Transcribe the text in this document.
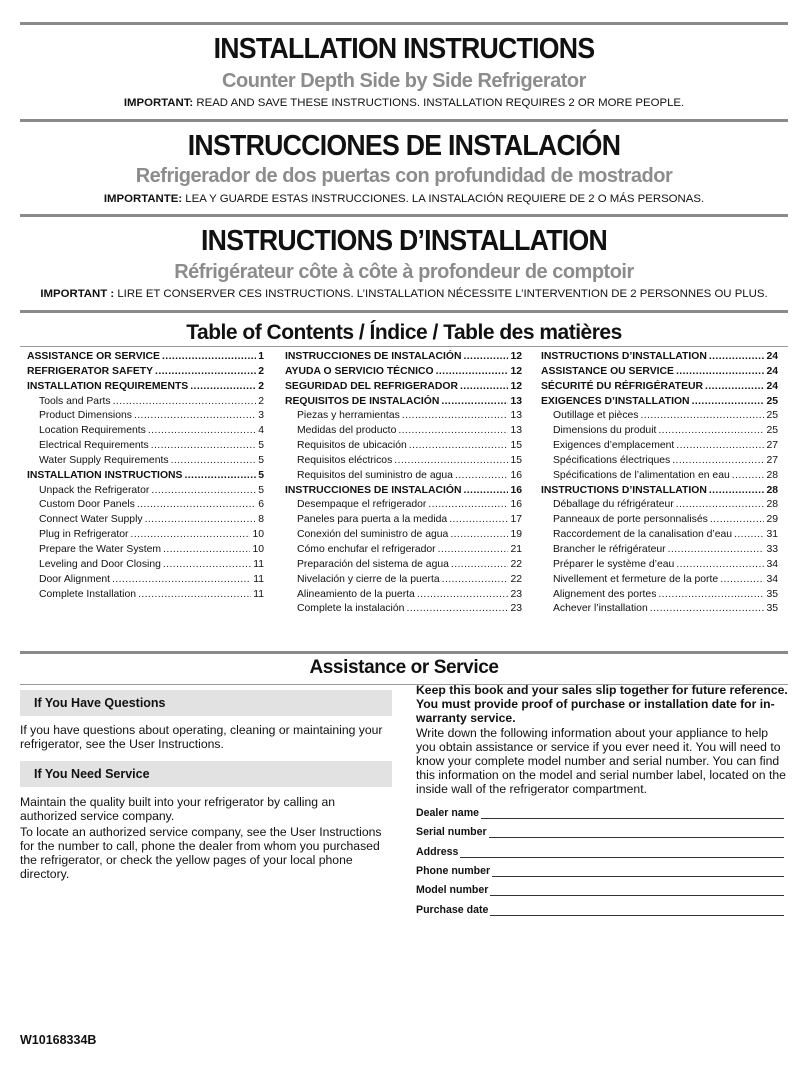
INSTALLATION INSTRUCTIONS
Counter Depth Side by Side Refrigerator
IMPORTANT: READ AND SAVE THESE INSTRUCTIONS. INSTALLATION REQUIRES 2 OR MORE PEOPLE.
INSTRUCCIONES DE INSTALACIÓN
Refrigerador de dos puertas con profundidad de mostrador
IMPORTANTE: LEA Y GUARDE ESTAS INSTRUCCIONES. LA INSTALACIÓN REQUIERE DE 2 O MÁS PERSONAS.
INSTRUCTIONS D’INSTALLATION
Réfrigérateur côte à côte à profondeur de comptoir
IMPORTANT : LIRE ET CONSERVER CES INSTRUCTIONS. L’INSTALLATION NÉCESSITE L’INTERVENTION DE 2 PERSONNES OU PLUS.
Table of Contents / Índice / Table des matières
ASSISTANCE OR SERVICE .....	1
REFRIGERATOR SAFETY .....	2
INSTALLATION REQUIREMENTS .....	2
Tools and Parts .....	2
Product Dimensions .....	3
Location Requirements .....	4
Electrical Requirements .....	5
Water Supply Requirements .....	5
INSTALLATION INSTRUCTIONS .....	5
Unpack the Refrigerator .....	5
Custom Door Panels .....	6
Connect Water Supply .....	8
Plug in Refrigerator .....	10
Prepare the Water System .....	10
Leveling and Door Closing .....	11
Door Alignment .....	11
Complete Installation .....	11
INSTRUCCIONES DE INSTALACIÓN .....	12
AYUDA O SERVICIO TÉCNICO .....	12
SEGURIDAD DEL REFRIGERADOR .....	12
REQUISITOS DE INSTALACIÓN .....	13
Piezas y herramientas .....	13
Medidas del producto .....	13
Requisitos de ubicación .....	15
Requisitos eléctricos .....	15
Requisitos del suministro de agua .....	16
INSTRUCCIONES DE INSTALACIÓN .....	16
Desempaque el refrigerador .....	16
Paneles para puerta a la medida .....	17
Conexión del suministro de agua .....	19
Cómo enchufar el refrigerador .....	21
Preparación del sistema de agua .....	22
Nivelación y cierre de la puerta .....	22
Alineamiento de la puerta .....	23
Complete la instalación .....	23
INSTRUCTIONS D’INSTALLATION .....	24
ASSISTANCE OU SERVICE .....	24
SÉCURITÉ DU RÉFRIGÉRATEUR .....	24
EXIGENCES D’INSTALLATION .....	25
Outillage et pièces .....	25
Dimensions du produit .....	25
Exigences d’emplacement .....	27
Spécifications électriques .....	27
Spécifications de l’alimentation en eau .....	28
INSTRUCTIONS D’INSTALLATION .....	28
Déballage du réfrigérateur .....	28
Panneaux de porte personnalisés .....	29
Raccordement de la canalisation d’eau .....	31
Brancher le réfrigérateur .....	33
Préparer le système d’eau .....	34
Nivellement et fermeture de la porte .....	34
Alignement des portes .....	35
Achever l’installation .....	35
Assistance or Service
If You Have Questions
If you have questions about operating, cleaning or maintaining your refrigerator, see the User Instructions.
If You Need Service
Maintain the quality built into your refrigerator by calling an authorized service company.
To locate an authorized service company, see the User Instructions for the number to call, phone the dealer from whom you purchased the refrigerator, or check the yellow pages of your local phone directory.
Keep this book and your sales slip together for future reference. You must provide proof of purchase or installation date for in-warranty service.
Write down the following information about your appliance to help you obtain assistance or service if you ever need it. You will need to know your complete model number and serial number. You can find this information on the model and serial number label, located on the inside wall of the refrigerator compartment.
Dealer name
Serial number
Address
Phone number
Model number
Purchase date
W10168334B
